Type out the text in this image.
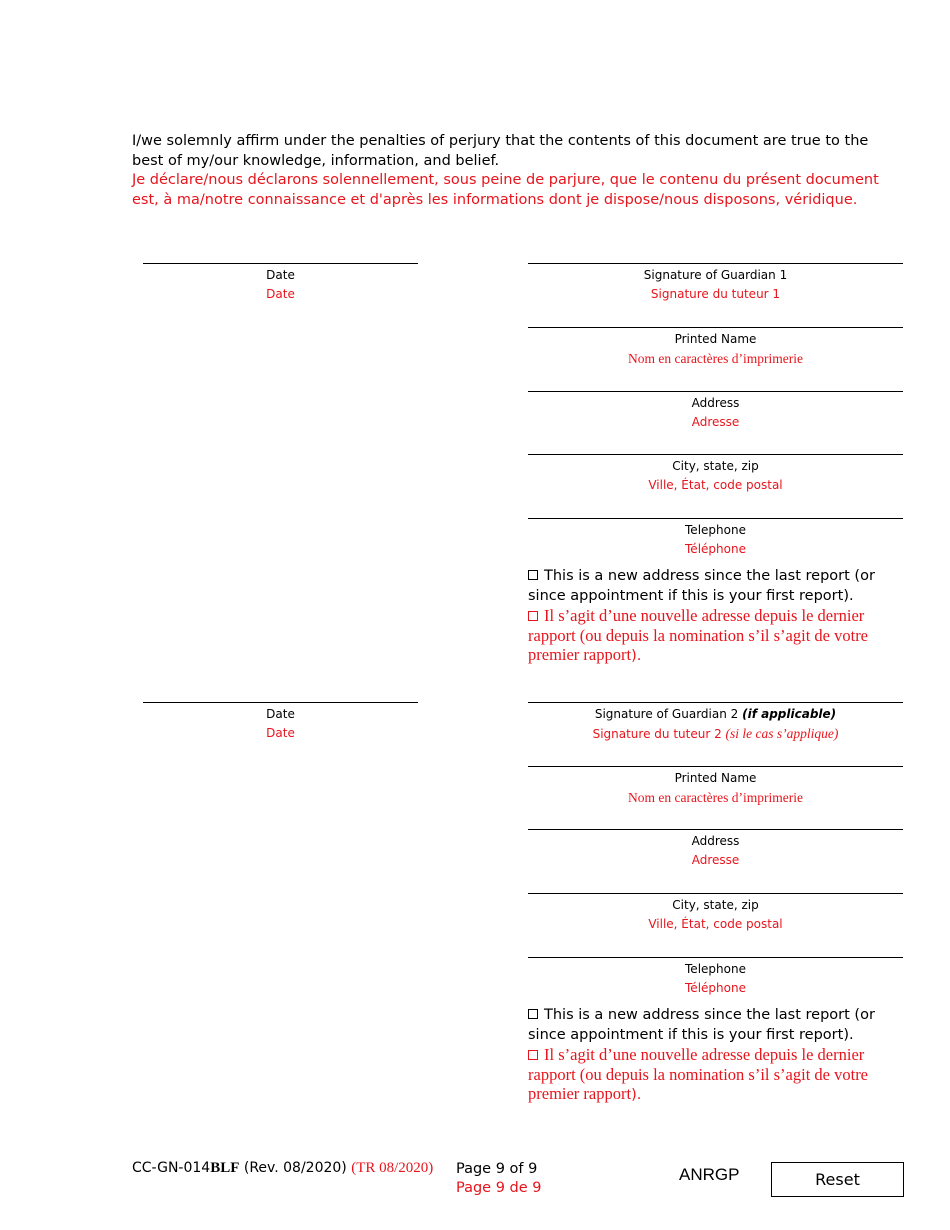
I/we solemnly affirm under the penalties of perjury that the contents of this document are true to the best of my/our knowledge, information, and belief.

Je déclare/nous déclarons solennellement, sous peine de parjure, que le contenu du présent document est, à ma/notre connaissance et d'après les informations dont je dispose/nous disposons, véridique.

Date
Date
Signature of Guardian 1
Signature du tuteur 1
Printed Name
Nom en caractères d’imprimerie
Address
Adresse
City, state, zip
Ville, État, code postal
Telephone
Téléphone
This is a new address since the last report (or since appointment if this is your first report).
Il s’agit d’une nouvelle adresse depuis le dernier rapport (ou depuis la nomination s’il s’agit de votre premier rapport).
Date
Date
Signature of Guardian 2 (if applicable)
Signature du tuteur 2 (si le cas s’applique)
Printed Name
Nom en caractères d’imprimerie
Address
Adresse
City, state, zip
Ville, État, code postal
Telephone
Téléphone
This is a new address since the last report (or since appointment if this is your first report).
Il s’agit d’une nouvelle adresse depuis le dernier rapport (ou depuis la nomination s’il s’agit de votre premier rapport).
CC-GN-014BLF (Rev. 08/2020) (TR 08/2020) Page 9 of 9
Page 9 de 9
ANRGP	Reset
